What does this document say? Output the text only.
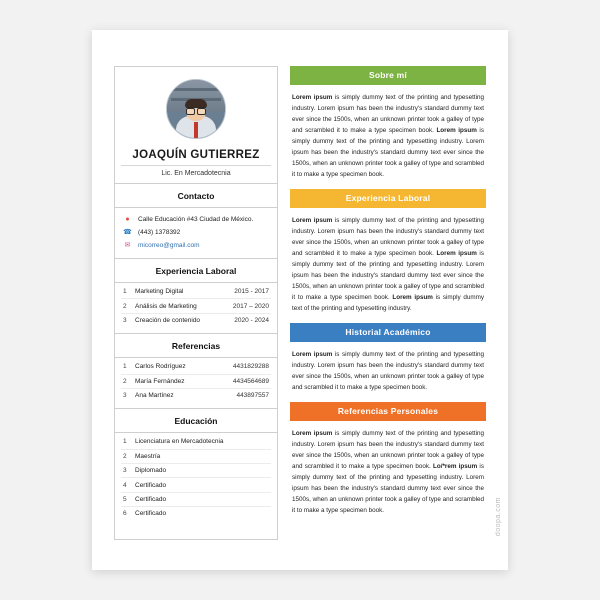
JOAQUÍN GUTIERREZ
Lic. En Mercadotecnia
Contacto
●	Calle Educación #43 Ciudad de México.
☎ (443) 1378392
✉ micorreo@gmail.com
Experiencia Laboral
1	Marketing Digital	2015 - 2017
2	Análisis de Marketing	2017 – 2020
3	Creación de contenido	2020 - 2024
Referencias
1	Carlos Rodríguez	4431829288
2	María Fernández	4434564689
3	Ana Martínez	443897557
Educación
1	Licenciatura en Mercadotecnia
2	Maestría
3	Diplomado
4	Certificado
5	Certificado
6	Certificado
Sobre mí
Lorem ipsum is simply dummy text of the printing and typesetting industry. Lorem ipsum has been the industry's standard dummy text ever since the 1500s, when an unknown printer took a galley of type and scrambled it to make a type specimen book. Lorem ipsum is simply dummy text of the printing and typesetting industry. Lorem ipsum has been the industry's standard dummy text ever since the 1500s, when an unknown printer took a galley of type and scrambled it to make a type specimen book.
Experiencia Laboral
Lorem ipsum is simply dummy text of the printing and typesetting industry. Lorem ipsum has been the industry's standard dummy text ever since the 1500s, when an unknown printer took a galley of type and scrambled it to make a type specimen book. Lorem ipsum is simply dummy text of the printing and typesetting industry. Lorem ipsum has been the industry's standard dummy text ever since the 1500s, when an unknown printer took a galley of type and scrambled it to make a type specimen book. Lorem ipsum is simply dummy text of the printing and typesetting industry.
Historial Académico
Lorem ipsum is simply dummy text of the printing and typesetting industry. Lorem ipsum has been the industry's standard dummy text ever since the 1500s, when an unknown printer took a galley of type and scrambled it to make a type specimen book.
Referencias Personales
Lorem ipsum is simply dummy text of the printing and typesetting industry. Lorem ipsum has been the industry's standard dummy text ever since the 1500s, when an unknown printer took a galley of type and scrambled it to make a type specimen book. Lo/*rem ipsum is simply dummy text of the printing and typesetting industry. Lorem ipsum has been the industry's standard dummy text ever since the 1500s, when an unknown printer took a galley of type and scrambled it to make a type specimen book.	doopa.com
